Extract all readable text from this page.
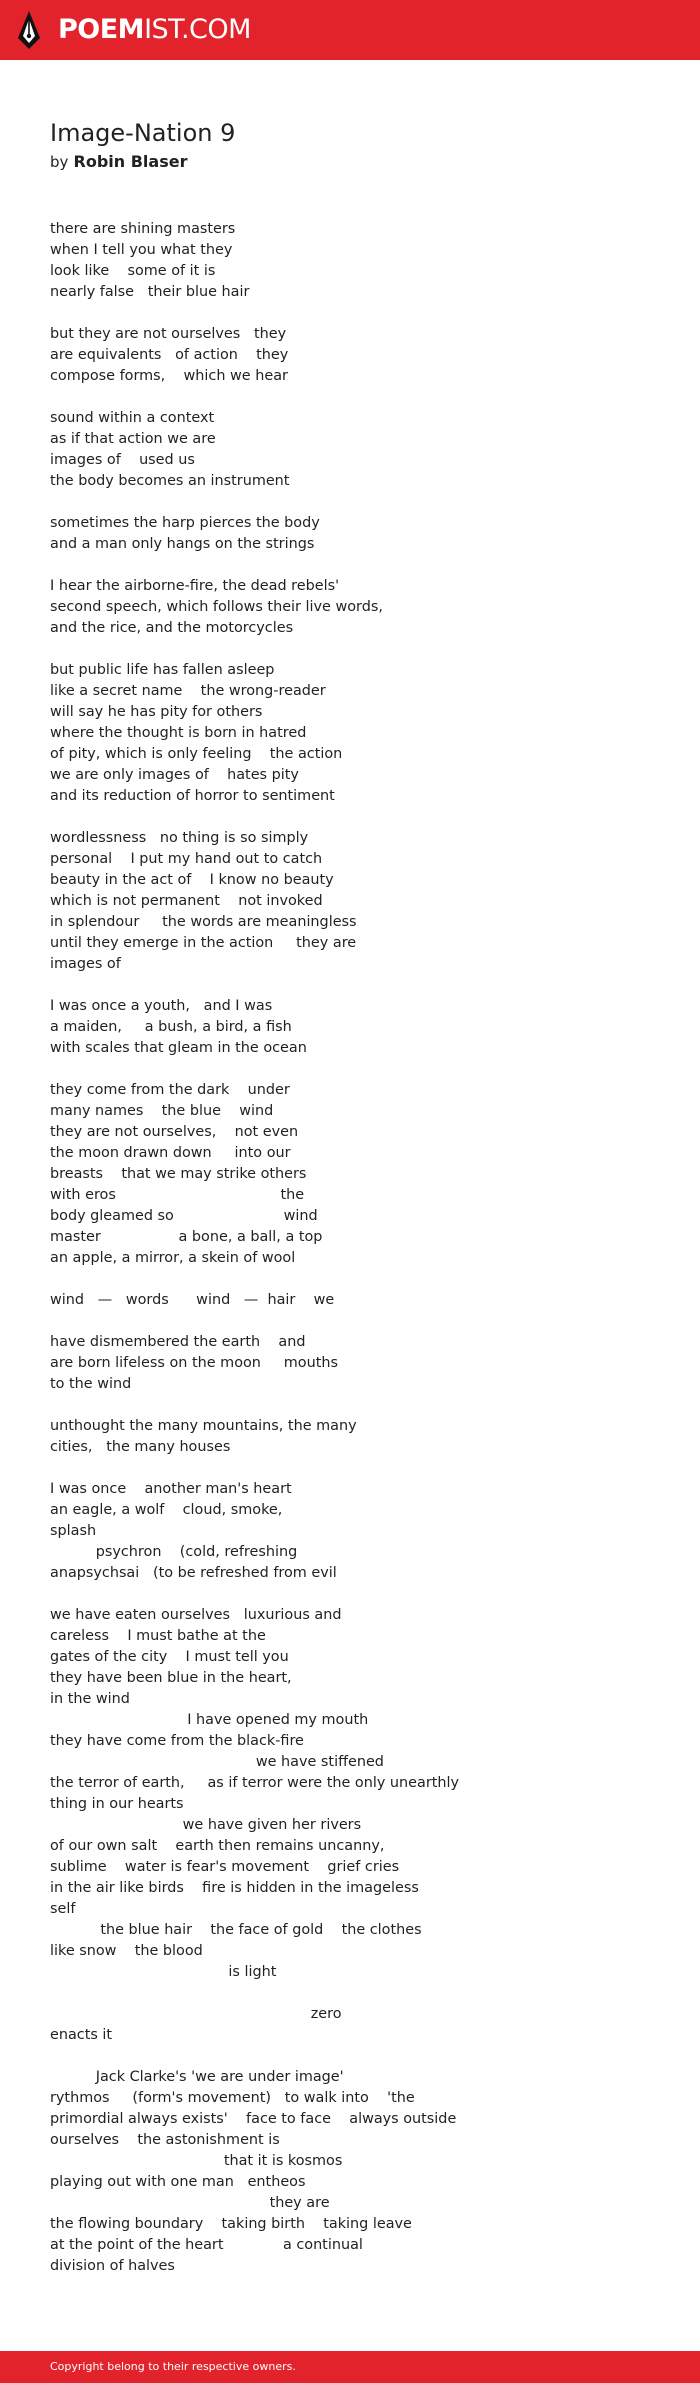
POEMIST.COM
Image-Nation 9
by Robin Blaser
there are shining masters
when I tell you what they
look like    some of it is
nearly false   their blue hair
but they are not ourselves   they
are equivalents   of action    they
compose forms,    which we hear
sound within a context
as if that action we are
images of    used us
the body becomes an instrument
sometimes the harp pierces the body
and a man only hangs on the strings
I hear the airborne-fire, the dead rebels'
second speech, which follows their live words,
and the rice, and the motorcycles
but public life has fallen asleep
like a secret name    the wrong-reader
will say he has pity for others
where the thought is born in hatred
of pity, which is only feeling    the action
we are only images of    hates pity
and its reduction of horror to sentiment
wordlessness   no thing is so simply
personal    I put my hand out to catch
beauty in the act of    I know no beauty
which is not permanent    not invoked
in splendour     the words are meaningless
until they emerge in the action     they are
images of
I was once a youth,   and I was
a maiden,     a bush, a bird, a fish
with scales that gleam in the ocean
they come from the dark    under
many names    the blue    wind
they are not ourselves,    not even
the moon drawn down     into our
breasts    that we may strike others
with eros                                    the
body gleamed so                        wind
master                 a bone, a ball, a top
an apple, a mirror, a skein of wool
wind   —   words      wind   —  hair    we
have dismembered the earth    and
are born lifeless on the moon     mouths
to the wind
unthought the many mountains, the many
cities,   the many houses
I was once    another man's heart
an eagle, a wolf    cloud, smoke,
splash
psychron    (cold, refreshing
anapsychsai   (to be refreshed from evil
we have eaten ourselves   luxurious and
careless    I must bathe at the
gates of the city    I must tell you
they have been blue in the heart,
in the wind
I have opened my mouth
they have come from the black-fire
we have stiffened
the terror of earth,     as if terror were the only unearthly
thing in our hearts
we have given her rivers
of our own salt    earth then remains uncanny,
sublime    water is fear's movement    grief cries
in the air like birds    fire is hidden in the imageless
self
the blue hair    the face of gold    the clothes
like snow    the blood
is light
zero
enacts it
Jack Clarke's 'we are under image'
rythmos     (form's movement)   to walk into    'the
primordial always exists'    face to face    always outside
ourselves    the astonishment is
that it is kosmos
playing out with one man   entheos
they are
the flowing boundary    taking birth    taking leave
at the point of the heart             a continual
division of halves
Copyright belong to their respective owners.
